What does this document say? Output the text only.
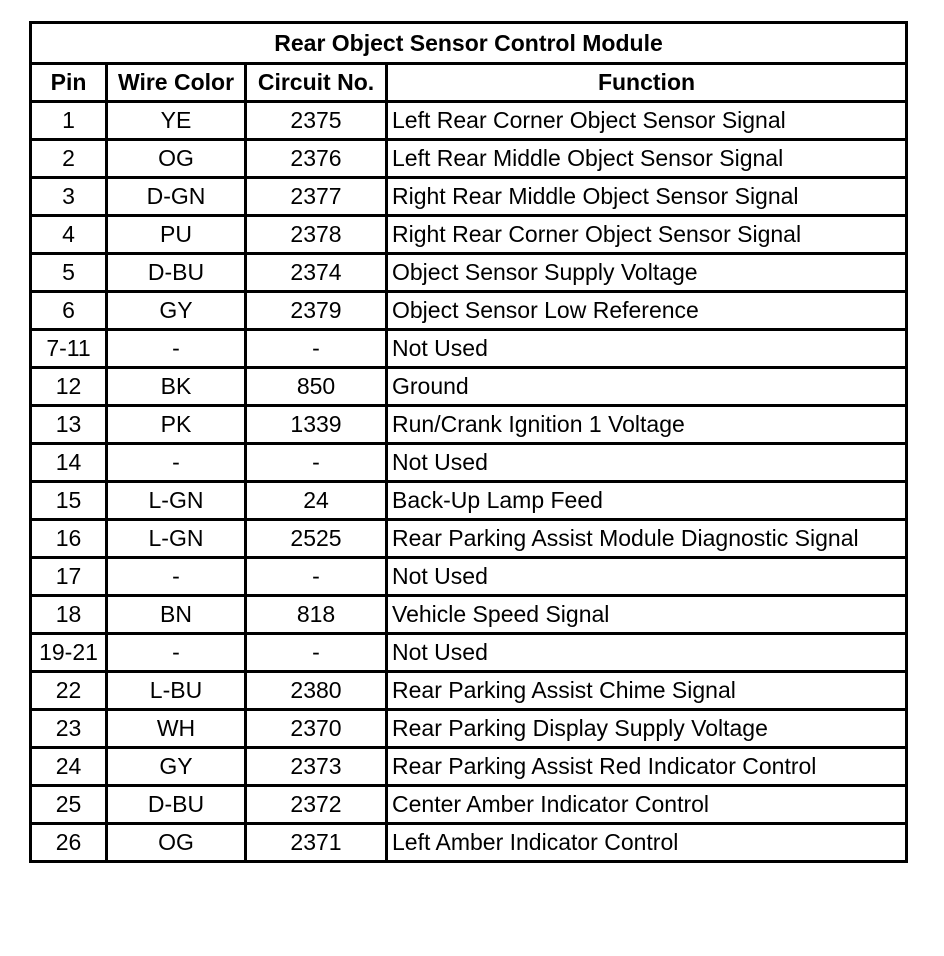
Rear Object Sensor Control Module			
Pin	Wire Color	Circuit No.	Function
1	YE	2375	Left Rear Corner Object Sensor Signal
2	OG	2376	Left Rear Middle Object Sensor Signal
3	D-GN	2377	Right Rear Middle Object Sensor Signal
4	PU	2378	Right Rear Corner Object Sensor Signal
5	D-BU	2374	Object Sensor Supply Voltage
6	GY	2379	Object Sensor Low Reference
7-11	-	-	Not Used
12	BK	850	Ground
13	PK	1339	Run/Crank Ignition 1 Voltage
14	-	-	Not Used
15	L-GN	24	Back-Up Lamp Feed
16	L-GN	2525	Rear Parking Assist Module Diagnostic Signal
17	-	-	Not Used
18	BN	818	Vehicle Speed Signal
19-21	-	-	Not Used
22	L-BU	2380	Rear Parking Assist Chime Signal
23	WH	2370	Rear Parking Display Supply Voltage
24	GY	2373	Rear Parking Assist Red Indicator Control
25	D-BU	2372	Center Amber Indicator Control
26	OG	2371	Left Amber Indicator Control
